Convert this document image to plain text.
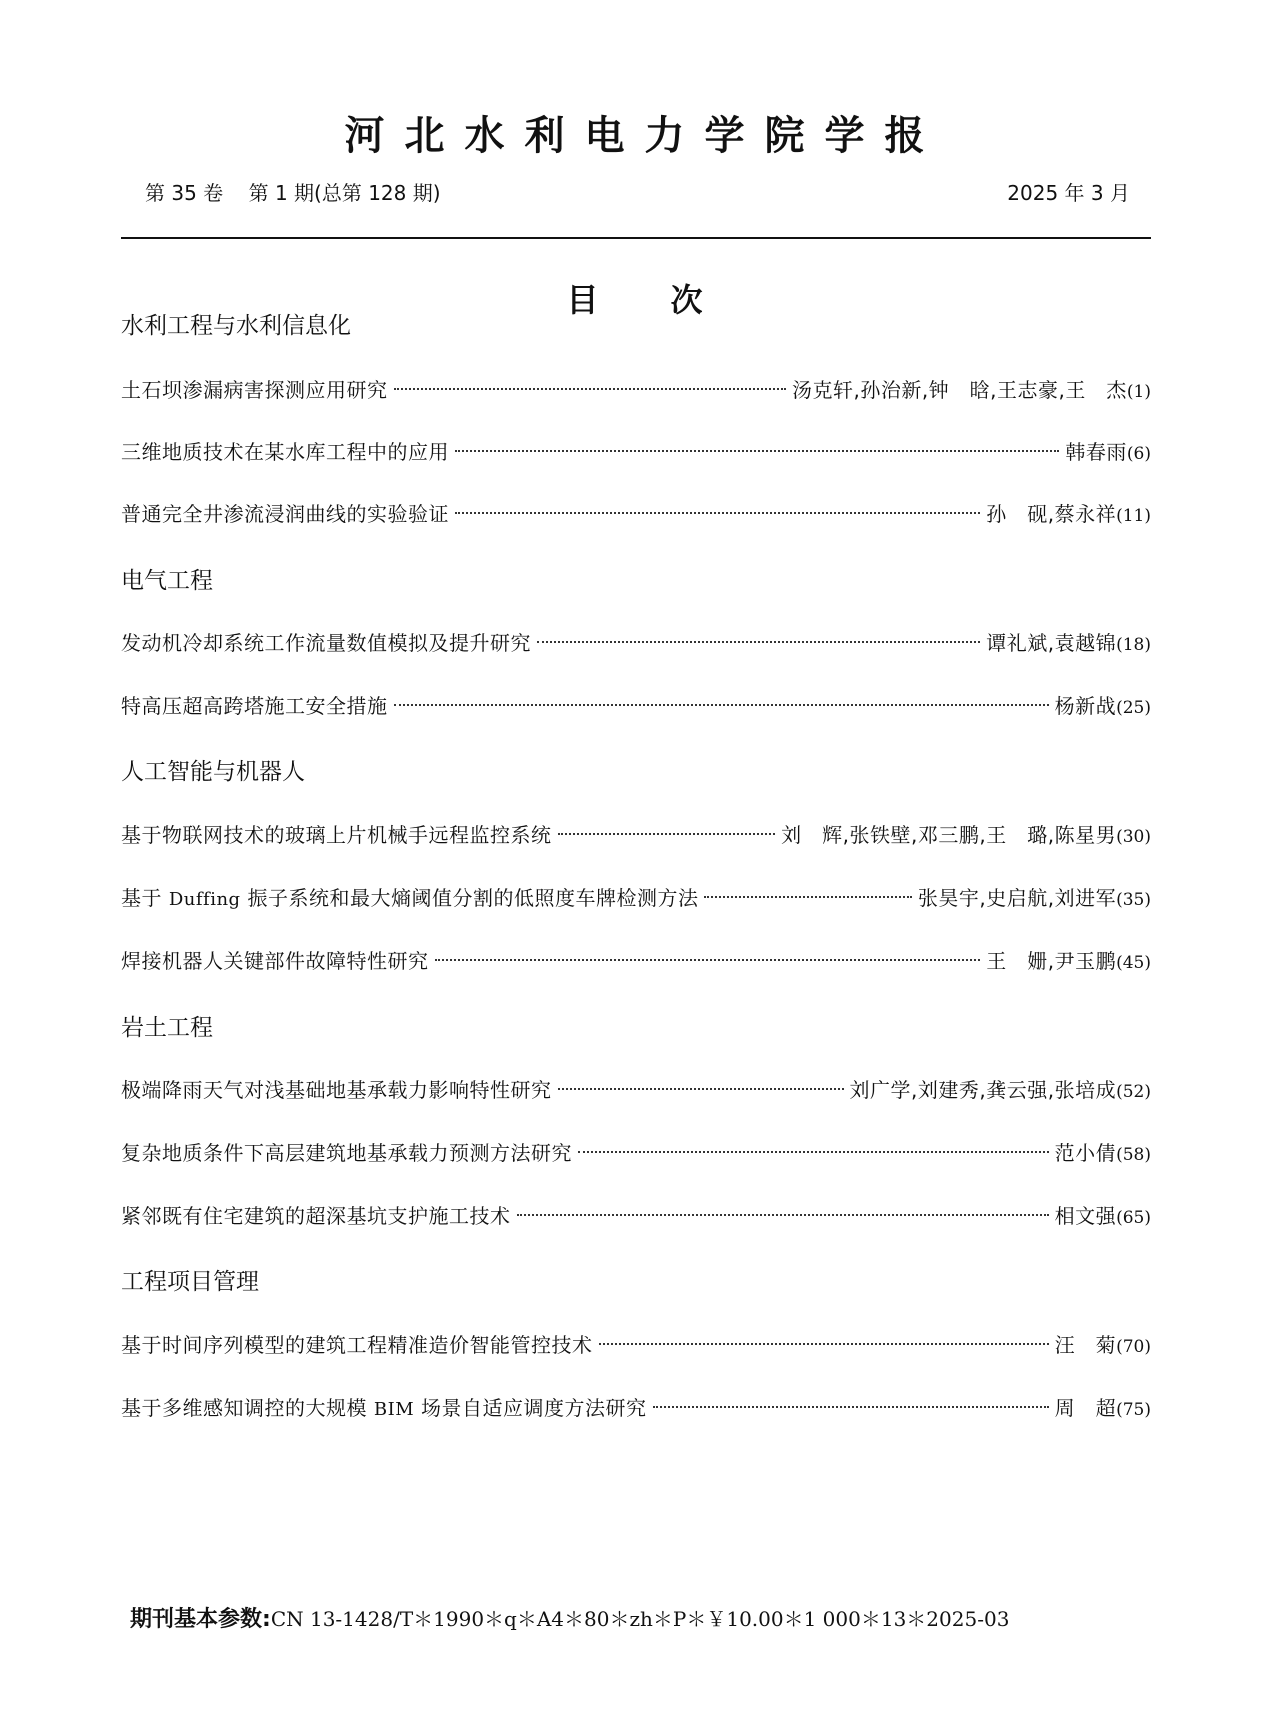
河北水利电力学院学报
第 35 卷 第 1 期(总第 128 期)	2025 年 3 月
目次
水利工程与水利信息化
土石坝渗漏病害探测应用研究	汤克轩,孙治新,钟　晗,王志豪,王　杰 (1)
三维地质技术在某水库工程中的应用	韩春雨 (6)
普通完全井渗流浸润曲线的实验验证	孙　砚,蔡永祥 (11)
电气工程
发动机冷却系统工作流量数值模拟及提升研究	谭礼斌,袁越锦 (18)
特高压超高跨塔施工安全措施	杨新战 (25)
人工智能与机器人
基于物联网技术的玻璃上片机械手远程监控系统	刘　辉,张铁壁,邓三鹏,王　璐,陈星男 (30)
基于 Duffing 振子系统和最大熵阈值分割的低照度车牌检测方法	张昊宇,史启航,刘进军 (35)
焊接机器人关键部件故障特性研究	王　姗,尹玉鹏 (45)
岩土工程
极端降雨天气对浅基础地基承载力影响特性研究	刘广学,刘建秀,龚云强,张培成 (52)
复杂地质条件下高层建筑地基承载力预测方法研究	范小倩 (58)
紧邻既有住宅建筑的超深基坑支护施工技术	相文强 (65)
工程项目管理
基于时间序列模型的建筑工程精准造价智能管控技术	汪　菊 (70)
基于多维感知调控的大规模 BIM 场景自适应调度方法研究	周　超 (75)
期刊基本参数:CN 13-1428/T＊1990＊q＊A4＊80＊zh＊P＊￥10.00＊1 000＊13＊2025-03
